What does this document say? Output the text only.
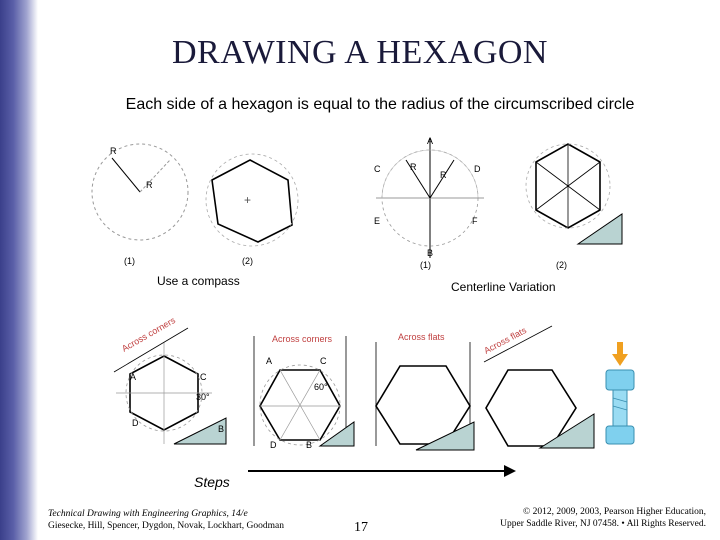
DRAWING A HEXAGON
Each side of a hexagon is equal to the radius of the circumscribed circle
R
R
(1)
+
(2)
A
B
C	D
E	F
R
R
(1)	(2)
Use a compass	Centerline Variation
Across corners
A
D
C
30°
B
Across corners
A	C
60°
D	B
Across flats	Across flats
Steps
Technical Drawing with Engineering Graphics, 14/e
Giesecke, Hill, Spencer, Dygdon, Novak, Lockhart, Goodman	17
© 2012, 2009, 2003, Pearson Higher Education,
Upper Saddle River, NJ 07458. • All Rights Reserved.
